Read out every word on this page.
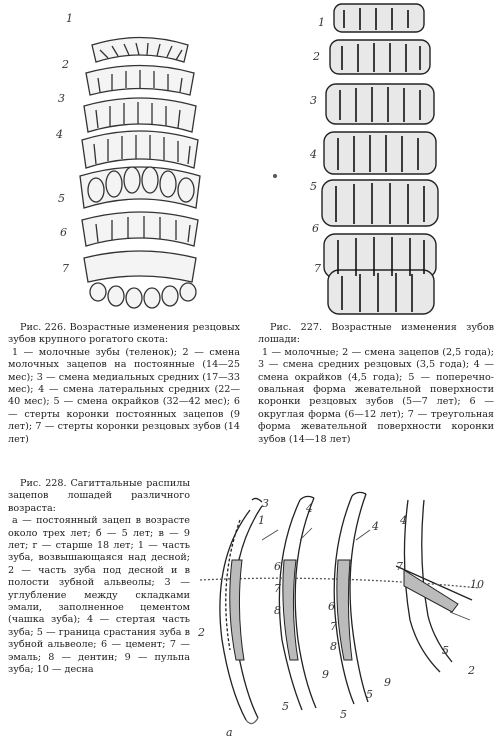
1
2
3
4
5
6
7
1
2
3
4
5
6
7
Рис. 226. Возрастные изменения резцовых зубов крупного рогатого скота:
1 — молочные зубы (теленок); 2 — смена молочных зацепов на постоянные (14—25 мес); 3 — смена медиальных средних (17—33 мес); 4 — смена латеральных средних (22—40 мес); 5 — смена окрайков (32—42 мес); 6 — стерты коронки постоянных зацепов (9 лет); 7 — стерты коронки резцовых зубов (14 лет)
Рис. 227. Возрастные изменения зубов лошади:
1 — молочные; 2 — смена зацепов (2,5 года); 3 — смена средних резцовых (3,5 года); 4 — смена окрайков (4,5 года); 5 — поперечно-овальная форма жевательной поверхности коронки резцовых зубов (5—7 лет); 6 — округлая форма (6—12 лет); 7 — треугольная форма жевательной поверхности коронки зубов (14—18 лет)
Рис. 228. Сагиттальные распилы зацепов лошадей различного возраста:
а — постоянный зацеп в возрасте около трех лет; б — 5 лет; в — 9 лет; г — старше 18 лет; 1 — часть зуба, возвышающаяся над десной; 2 — часть зуба под десной и в полости зубной альвеолы; 3 — углубление между складками эмали, заполненное цементом (чашка зуба); 4 — стертая часть зуба; 5 — граница срастания зуба в зубной альвеоле; 6 — цемент; 7 — эмаль; 8 — дентин; 9 — пульпа зуба; 10 — десна
3
1
2
4
4 4
6
7
8	6
7
8
7
10
9
9
5
5
5
2
5
а
